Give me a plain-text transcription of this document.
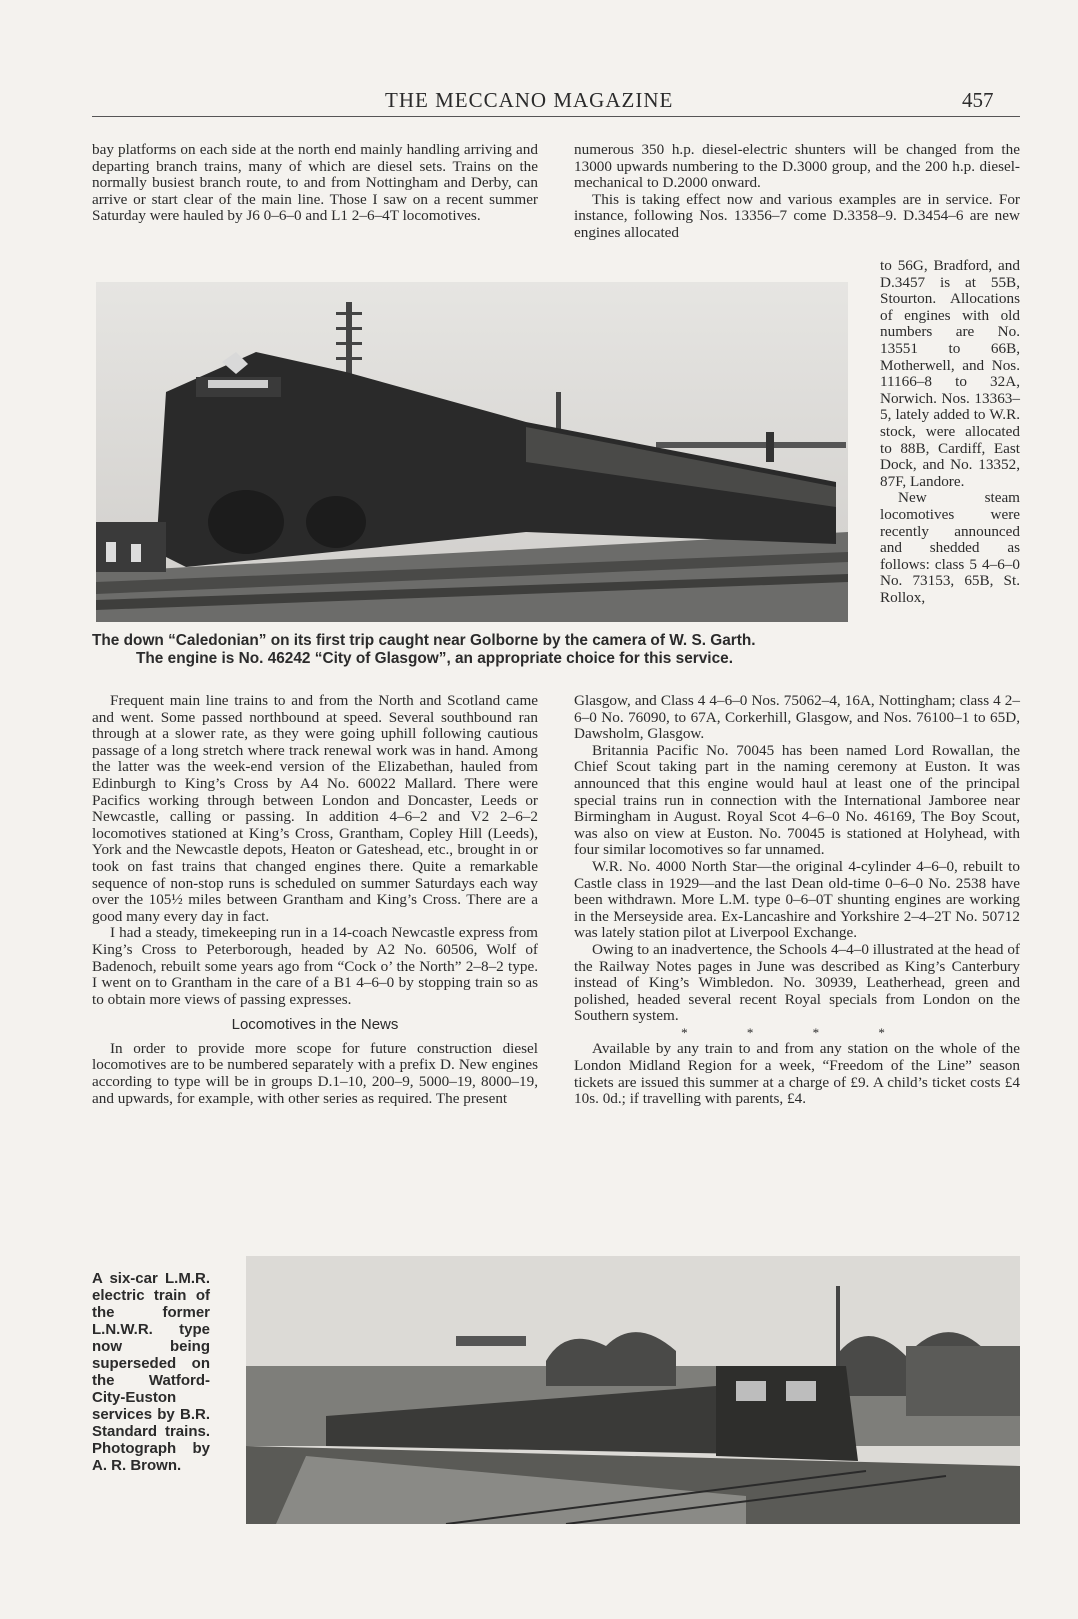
THE MECCANO MAGAZINE	457

bay platforms on each side at the north end mainly handling arriving and departing branch trains, many of which are diesel sets. Trains on the normally busiest branch route, to and from Nottingham and Derby, can arrive or start clear of the main line. Those I saw on a recent summer Saturday were hauled by J6 0–6–0 and L1 2–6–4T locomotives.

numerous 350 h.p. diesel-electric shunters will be changed from the 13000 upwards numbering to the D.3000 group, and the 200 h.p. diesel-mechanical to D.2000 onward.

This is taking effect now and various examples are in service. For instance, following Nos. 13356–7 come D.3358–9. D.3454–6 are new engines allocated

to 56G, Bradford, and D.3457 is at 55B, Stourton. Allocations of engines with old numbers are No. 13551 to 66B, Motherwell, and Nos. 11166–8 to 32A, Norwich. Nos. 13363–5, lately added to W.R. stock, were allocated to 88B, Cardiff, East Dock, and No. 13352, 87F, Landore.

New steam locomotives were recently announced and shedded as follows: class 5 4–6–0 No. 73153, 65B, St. Rollox,

The down “Caledonian” on its first trip caught near Golborne by the camera of W. S. Garth.
The engine is No. 46242 “City of Glasgow”, an appropriate choice for this service.

Frequent main line trains to and from the North and Scotland came and went. Some passed northbound at speed. Several southbound ran through at a slower rate, as they were going uphill following cautious passage of a long stretch where track renewal work was in hand. Among the latter was the week-end version of the Elizabethan, hauled from Edinburgh to King’s Cross by A4 No. 60022 Mallard. There were Pacifics working through between London and Doncaster, Leeds or Newcastle, calling or passing. In addition 4–6–2 and V2 2–6–2 locomotives stationed at King’s Cross, Grantham, Copley Hill (Leeds), York and the Newcastle depots, Heaton or Gateshead, etc., brought in or took on fast trains that changed engines there. Quite a remarkable sequence of non-stop runs is scheduled on summer Saturdays each way over the 105½ miles between Grantham and King’s Cross. There are a good many every day in fact.

I had a steady, timekeeping run in a 14-coach Newcastle express from King’s Cross to Peterborough, headed by A2 No. 60506, Wolf of Badenoch, rebuilt some years ago from “Cock o’ the North” 2–8–2 type. I went on to Grantham in the care of a B1 4–6–0 by stopping train so as to obtain more views of passing expresses.

Locomotives in the News

In order to provide more scope for future construction diesel locomotives are to be numbered separately with a prefix D. New engines according to type will be in groups D.1–10, 200–9, 5000–19, 8000–19, and upwards, for example, with other series as required. The present

Glasgow, and Class 4 4–6–0 Nos. 75062–4, 16A, Nottingham; class 4 2–6–0 No. 76090, to 67A, Corkerhill, Glasgow, and Nos. 76100–1 to 65D, Dawsholm, Glasgow.

Britannia Pacific No. 70045 has been named Lord Rowallan, the Chief Scout taking part in the naming ceremony at Euston. It was announced that this engine would haul at least one of the principal special trains run in connection with the International Jamboree near Birmingham in August. Royal Scot 4–6–0 No. 46169, The Boy Scout, was also on view at Euston. No. 70045 is stationed at Holyhead, with four similar locomotives so far unnamed.

W.R. No. 4000 North Star—the original 4-cylinder 4–6–0, rebuilt to Castle class in 1929—and the last Dean old-time 0–6–0 No. 2538 have been withdrawn. More L.M. type 0–6–0T shunting engines are working in the Merseyside area. Ex-Lancashire and Yorkshire 2–4–2T No. 50712 was lately station pilot at Liverpool Exchange.

Owing to an inadvertence, the Schools 4–4–0 illustrated at the head of the Railway Notes pages in June was described as King’s Canterbury instead of King’s Wimbledon. No. 30939, Leatherhead, green and polished, headed several recent Royal specials from London on the Southern system.

* * * *

Available by any train to and from any station on the whole of the London Midland Region for a week, “Freedom of the Line” season tickets are issued this summer at a charge of £9. A child’s ticket costs £4 10s. 0d.; if travelling with parents, £4.

A six-car L.M.R. electric train of the former L.N.W.R. type now being superseded on the Watford-City-Euston services by B.R. Standard trains. Photograph by A. R. Brown.
